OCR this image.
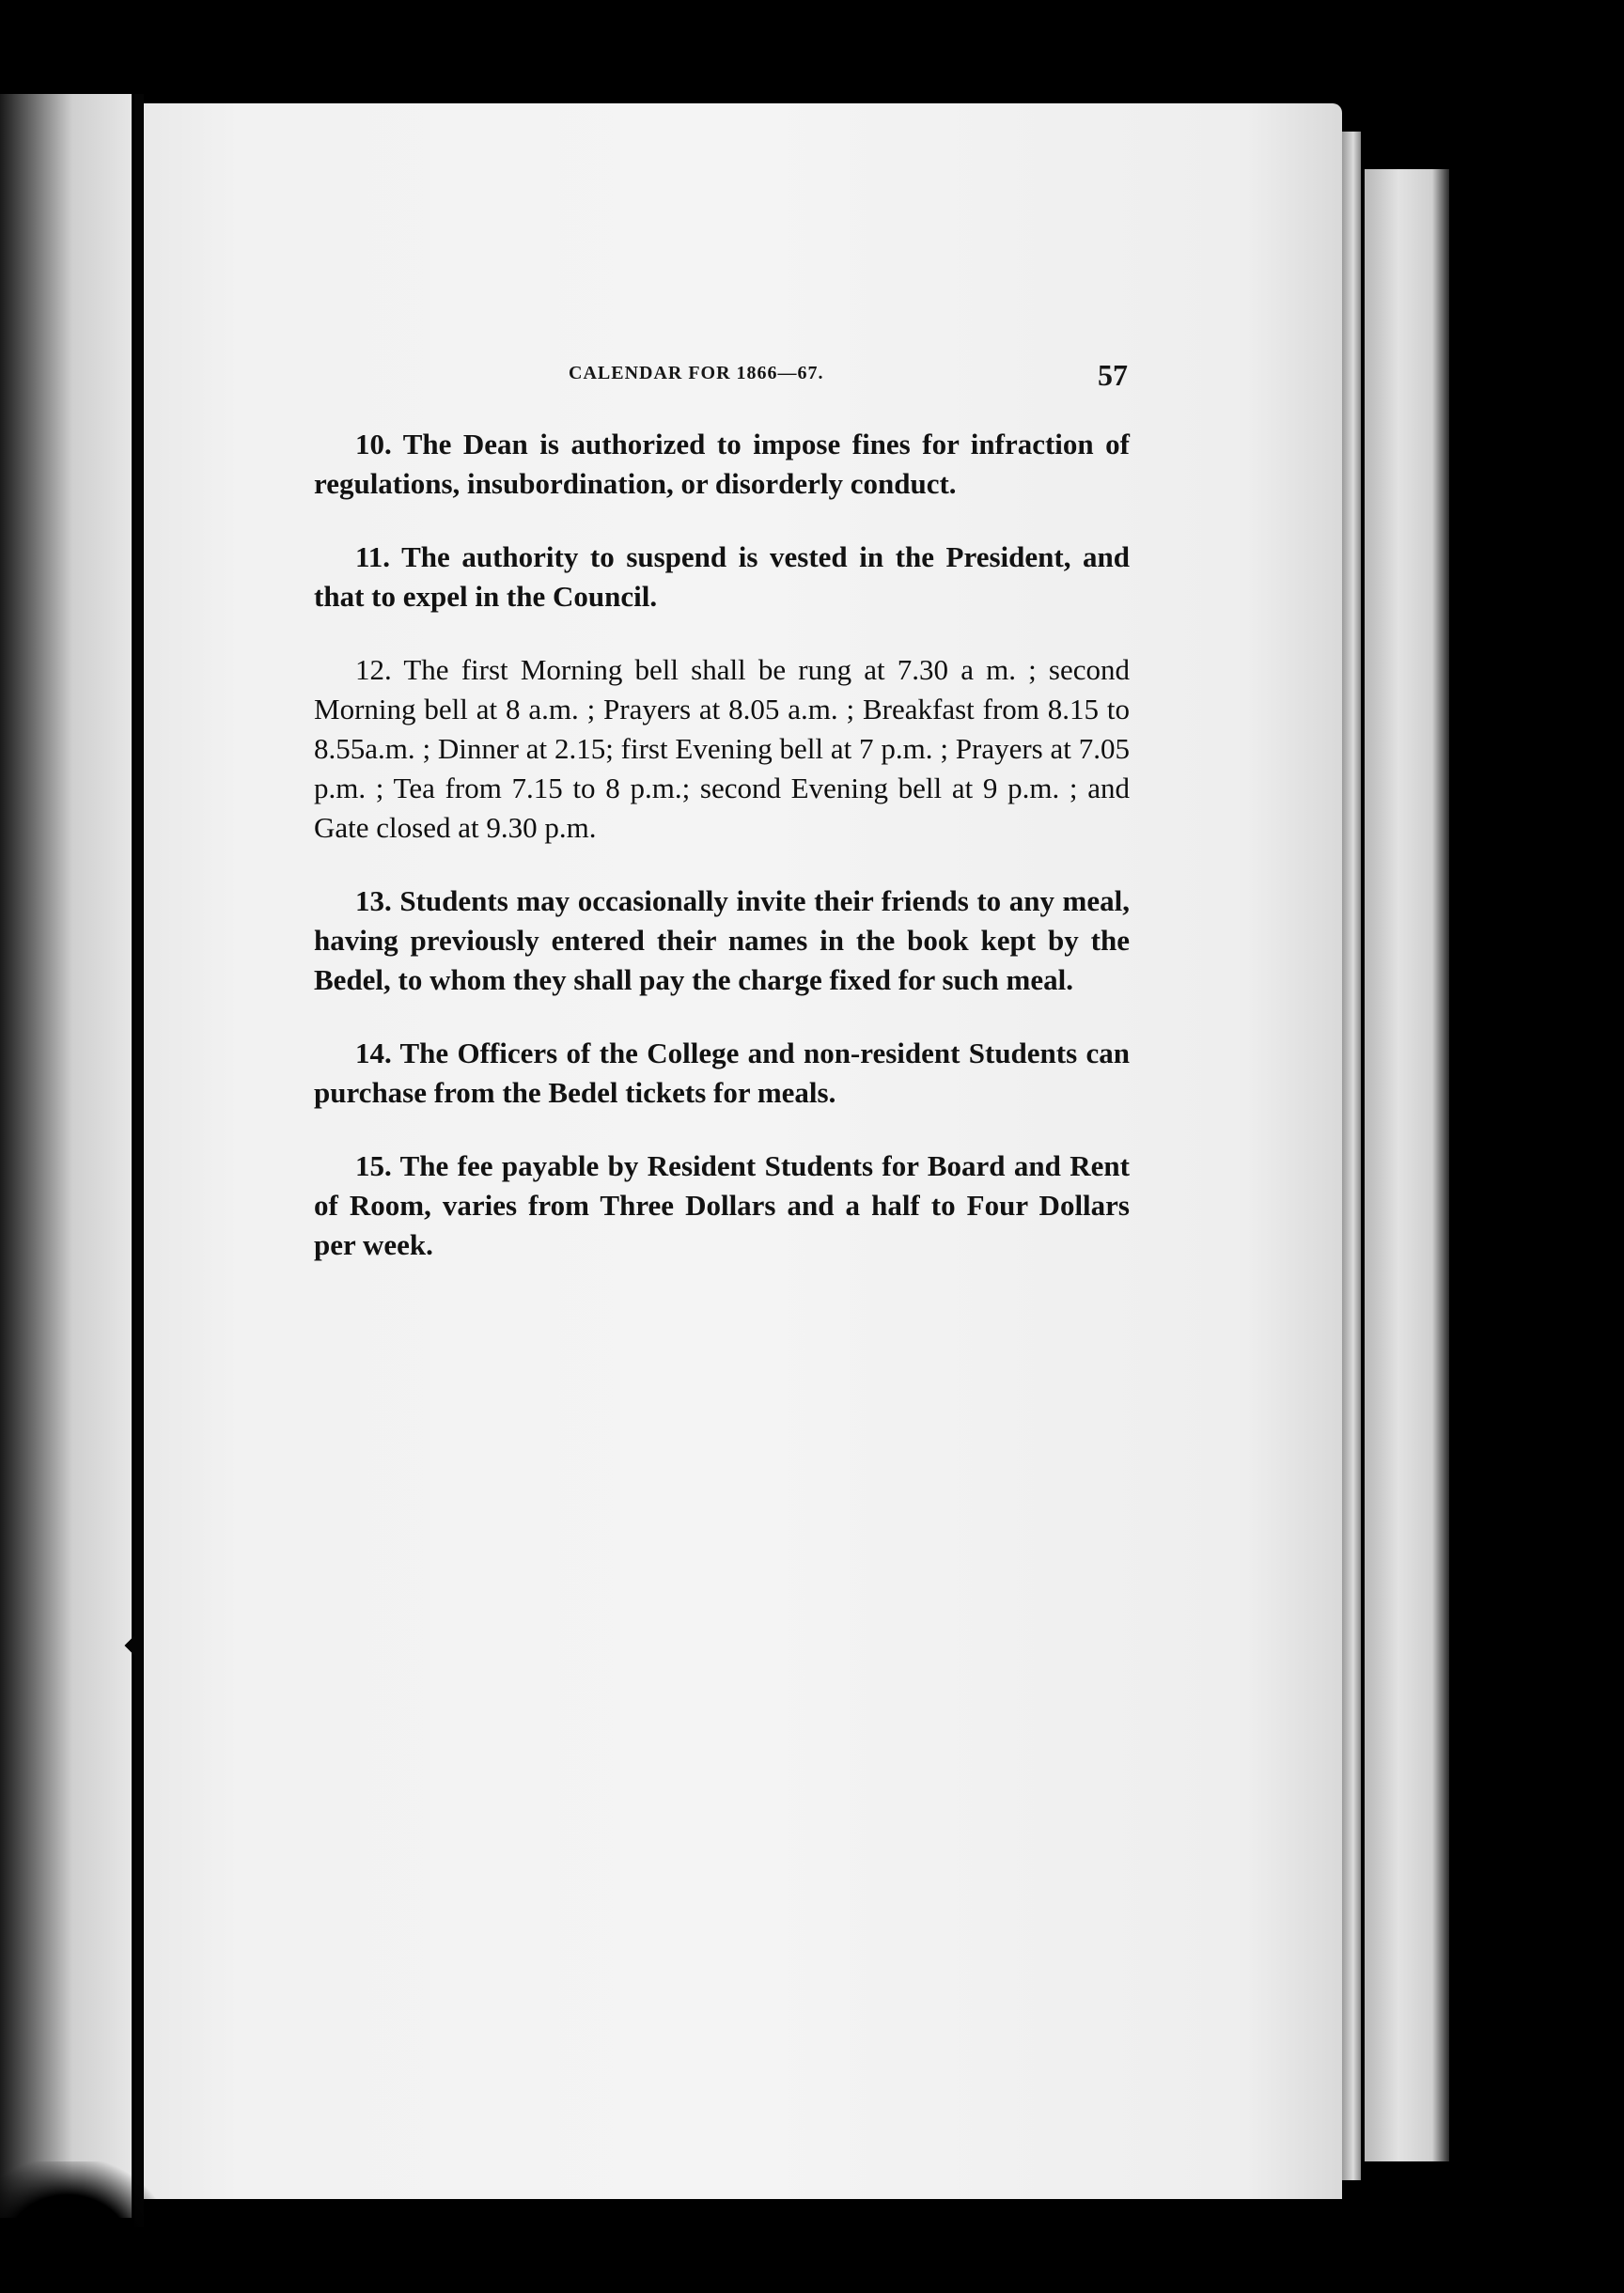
CALENDAR FOR 1866—67.	57

10. The Dean is authorized to impose fines for infraction of regulations, insubordination, or disorderly conduct.

11. The authority to suspend is vested in the President, and that to expel in the Council.

12. The first Morning bell shall be rung at 7.30 a m. ; second Morning bell at 8 a.m. ; Prayers at 8.05 a.m. ; Breakfast from 8.15 to 8.55a.m. ; Dinner at 2.15; first Evening bell at 7 p.m. ; Prayers at 7.05 p.m. ; Tea from 7.15 to 8 p.m.; second Evening bell at 9 p.m. ; and Gate closed at 9.30 p.m.

13. Students may occasionally invite their friends to any meal, having previously entered their names in the book kept by the Bedel, to whom they shall pay the charge fixed for such meal.

14. The Officers of the College and non-resident Students can purchase from the Bedel tickets for meals.

15. The fee payable by Resident Students for Board and Rent of Room, varies from Three Dollars and a half to Four Dollars per week.
